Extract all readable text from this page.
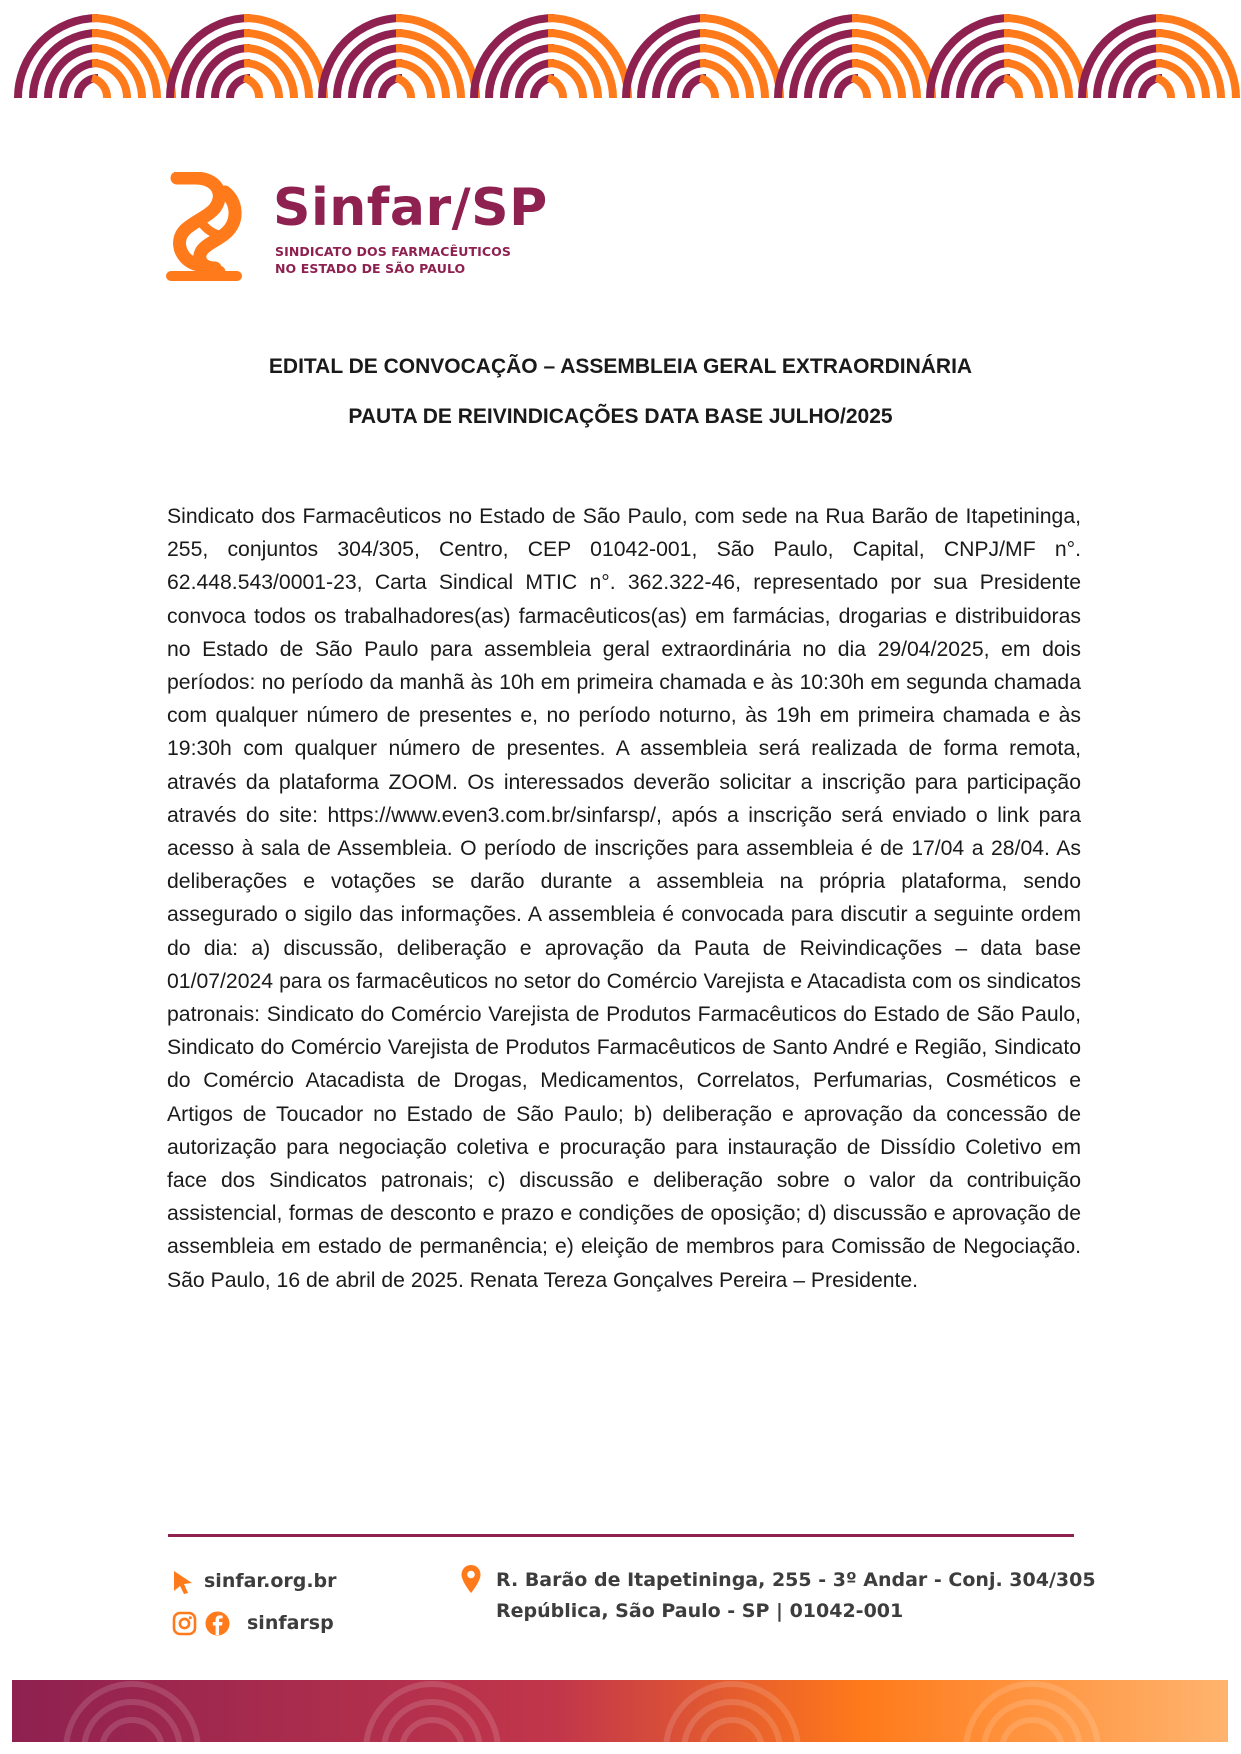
Sinfar/SP
SINDICATO DOS FARMACÊUTICOS
NO ESTADO DE SÃO PAULO
EDITAL DE CONVOCAÇÃO – ASSEMBLEIA GERAL EXTRAORDINÁRIA
PAUTA DE REIVINDICAÇÕES DATA BASE JULHO/2025
Sindicato dos Farmacêuticos no Estado de São Paulo, com sede na Rua Barão de Itapetininga, 255, conjuntos 304/305, Centro, CEP 01042-001, São Paulo, Capital, CNPJ/MF n°. 62.448.543/0001-23, Carta Sindical MTIC n°. 362.322-46, representado por sua Presidente convoca todos os trabalhadores(as) farmacêuticos(as) em farmácias, drogarias e distribuidoras no Estado de São Paulo para assembleia geral extraordinária no dia 29/04/2025, em dois períodos: no período da manhã às 10h em primeira chamada e às 10:30h em segunda chamada com qualquer número de presentes e, no período noturno, às 19h em primeira chamada e às 19:30h com qualquer número de presentes. A assembleia será realizada de forma remota, através da plataforma ZOOM. Os interessados deverão solicitar a inscrição para participação através do site: https://www.even3.com.br/sinfarsp/, após a inscrição será enviado o link para acesso à sala de Assembleia. O período de inscrições para assembleia é de 17/04 a 28/04. As deliberações e votações se darão durante a assembleia na própria plataforma, sendo assegurado o sigilo das informações. A assembleia é convocada para discutir a seguinte ordem do dia: a) discussão, deliberação e aprovação da Pauta de Reivindicações – data base 01/07/2024 para os farmacêuticos no setor do Comércio Varejista e Atacadista com os sindicatos patronais: Sindicato do Comércio Varejista de Produtos Farmacêuticos do Estado de São Paulo, Sindicato do Comércio Varejista de Produtos Farmacêuticos de Santo André e Região, Sindicato do Comércio Atacadista de Drogas, Medicamentos, Correlatos, Perfumarias, Cosméticos e Artigos de Toucador no Estado de São Paulo; b) deliberação e aprovação da concessão de autorização para negociação coletiva e procuração para instauração de Dissídio Coletivo em face dos Sindicatos patronais; c) discussão e deliberação sobre o valor da contribuição assistencial, formas de desconto e prazo e condições de oposição; d) discussão e aprovação de assembleia em estado de permanência; e) eleição de membros para Comissão de Negociação. São Paulo, 16 de abril de 2025. Renata Tereza Gonçalves Pereira – Presidente.
sinfar.org.br
sinfarsp
R. Barão de Itapetininga, 255 - 3º Andar - Conj. 304/305
República, São Paulo - SP | 01042-001
